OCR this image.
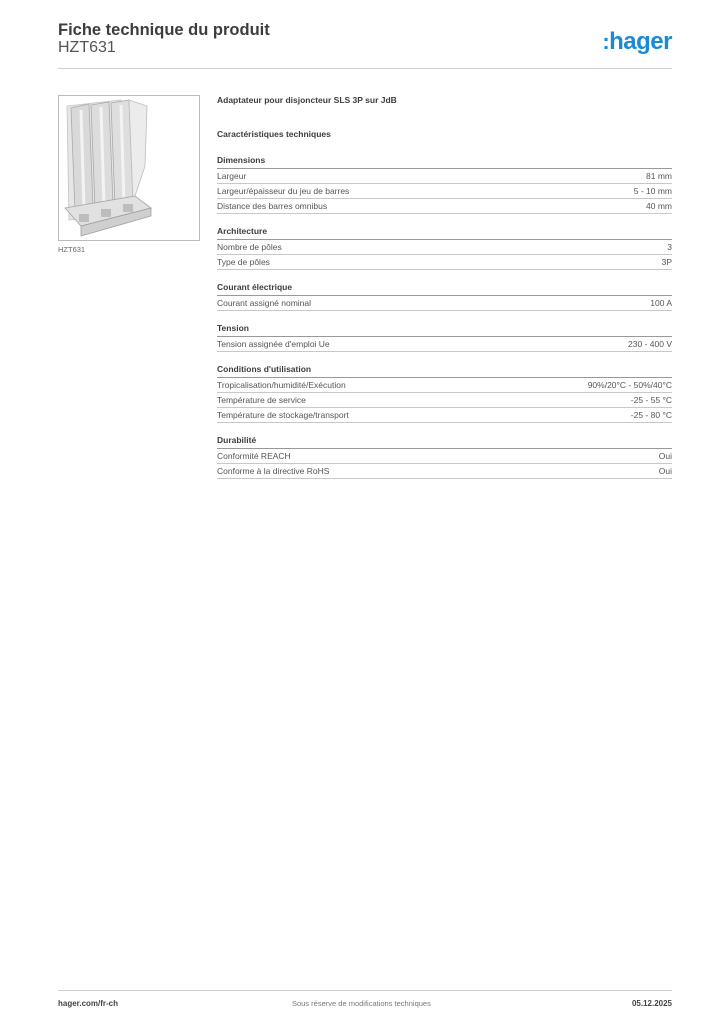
Fiche technique du produit
HZT631	:hager
HZT631
Adaptateur pour disjoncteur SLS 3P sur JdB
Caractéristiques techniques
Dimensions
Largeur	81 mm
Largeur/épaisseur du jeu de barres	5 - 10 mm
Distance des barres omnibus	40 mm
Architecture
Nombre de pôles	3
Type de pôles	3P
Courant électrique
Courant assigné nominal	100 A
Tension
Tension assignée d'emploi Ue	230 - 400 V
Conditions d'utilisation
Tropicalisation/humidité/Exécution	90%/20°C - 50%/40°C
Température de service	-25 - 55 °C
Température de stockage/transport	-25 - 80 °C
Durabilité
Conformité REACH	Oui
Conforme à la directive RoHS	Oui
hager.com/fr-ch	Sous réserve de modifications techniques	05.12.2025
